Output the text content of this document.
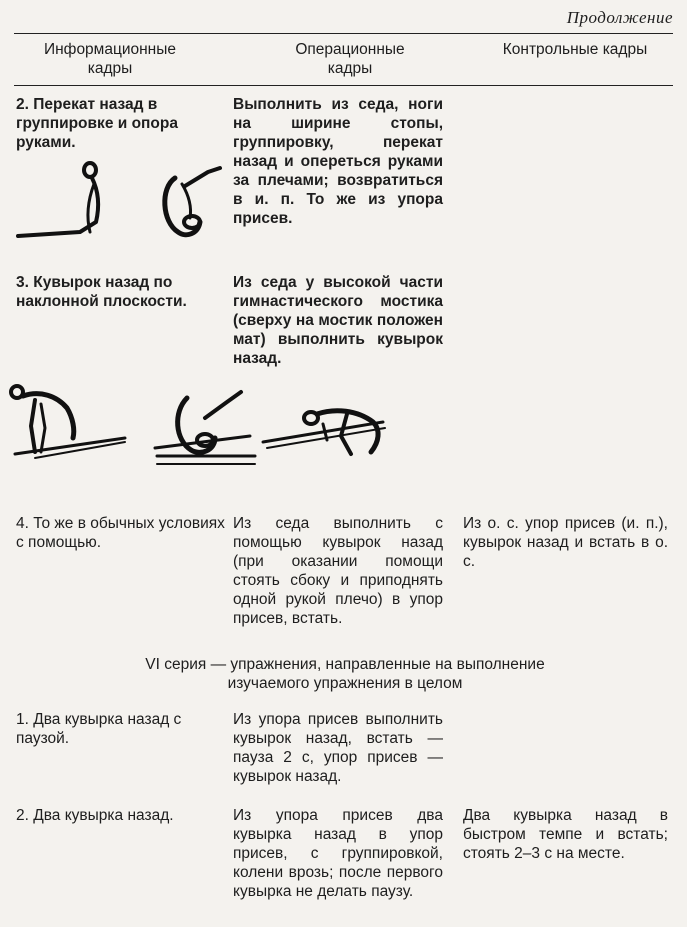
Продолжение
Информационные кадры
Операционные кадры
Контрольные кадры
2. Перекат назад в группировке и опора руками.
Выполнить из седа, ноги на ширине стопы, группировку, перекат назад и опереться руками за плечами; возвратиться в и. п. То же из упора присев.
3. Кувырок назад по наклонной плоскости.
Из седа у высокой части гимнастического мостика (сверху на мостик положен мат) выполнить кувырок назад.
4. То же в обычных условиях с помощью.
Из седа выполнить с помощью кувырок назад (при оказании помощи стоять сбоку и приподнять одной рукой плечо) в упор присев, встать.
Из о. с. упор присев (и. п.), кувырок назад и встать в о. с.
VI серия — упражнения, направленные на выполнение изучаемого упражнения в целом
1. Два кувырка назад с паузой.
Из упора присев выполнить кувырок назад, встать — пауза 2 с, упор присев — кувырок назад.
2. Два кувырка назад.	Из упора присев два кувырка назад в упор присев, с группировкой, колени врозь; после первого кувырка не делать паузу.
Два кувырка назад в быстром темпе и встать; стоять 2–3 с на месте.
